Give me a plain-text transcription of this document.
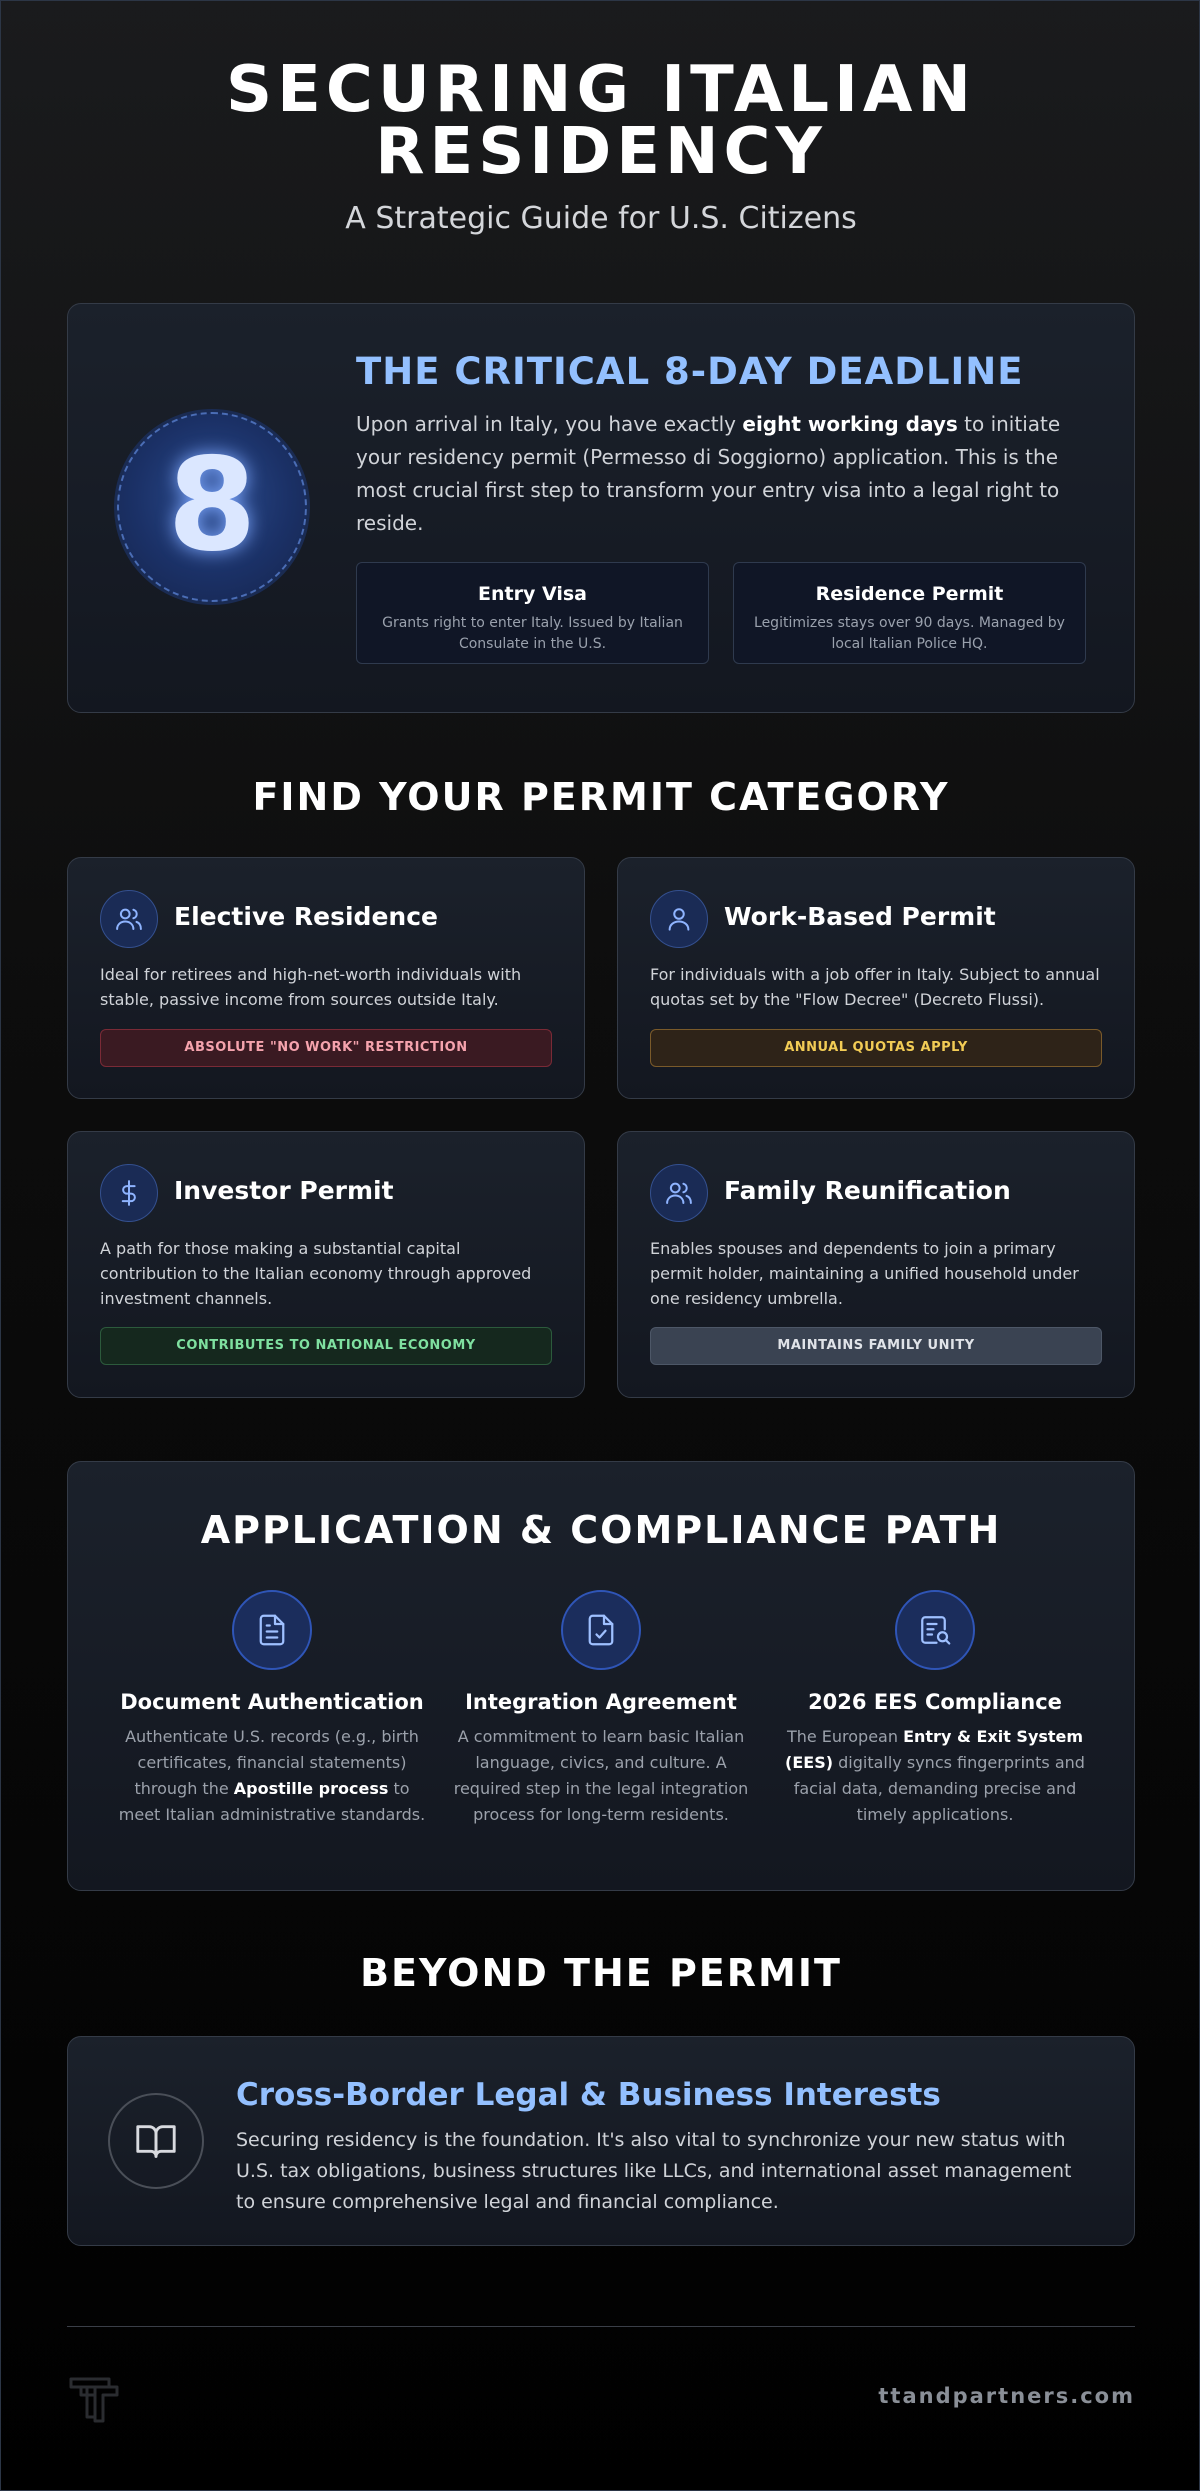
SECURING ITALIAN
RESIDENCY
A Strategic Guide for U.S. Citizens
8
THE CRITICAL 8-DAY DEADLINE

Upon arrival in Italy, you have exactly eight working days to initiate your residency permit (Permesso di Soggiorno) application. This is the most crucial first step to transform your entry visa into a legal right to reside.

Entry Visa
Grants right to enter Italy. Issued by Italian Consulate in the U.S.
Residence Permit
Legitimizes stays over 90 days. Managed by local Italian Police HQ.
FIND YOUR PERMIT CATEGORY
Elective Residence
Ideal for retirees and high-net-worth individuals with stable, passive income from sources outside Italy.
ABSOLUTE "NO WORK" RESTRICTION
Work-Based Permit
For individuals with a job offer in Italy. Subject to annual quotas set by the "Flow Decree" (Decreto Flussi).
ANNUAL QUOTAS APPLY
Investor Permit
A path for those making a substantial capital contribution to the Italian economy through approved investment channels.
CONTRIBUTES TO NATIONAL ECONOMY
Family Reunification
Enables spouses and dependents to join a primary permit holder, maintaining a unified household under one residency umbrella.
MAINTAINS FAMILY UNITY
APPLICATION & COMPLIANCE PATH
Document Authentication
Authenticate U.S. records (e.g., birth certificates, financial statements) through the Apostille process to meet Italian administrative standards.
Integration Agreement
A commitment to learn basic Italian language, civics, and culture. A required step in the legal integration process for long-term residents.
2026 EES Compliance
The European Entry & Exit System (EES) digitally syncs fingerprints and facial data, demanding precise and timely applications.
BEYOND THE PERMIT
Cross-Border Legal & Business Interests

Securing residency is the foundation. It's also vital to synchronize your new status with U.S. tax obligations, business structures like LLCs, and international asset management to ensure comprehensive legal and financial compliance.

ttandpartners.com
